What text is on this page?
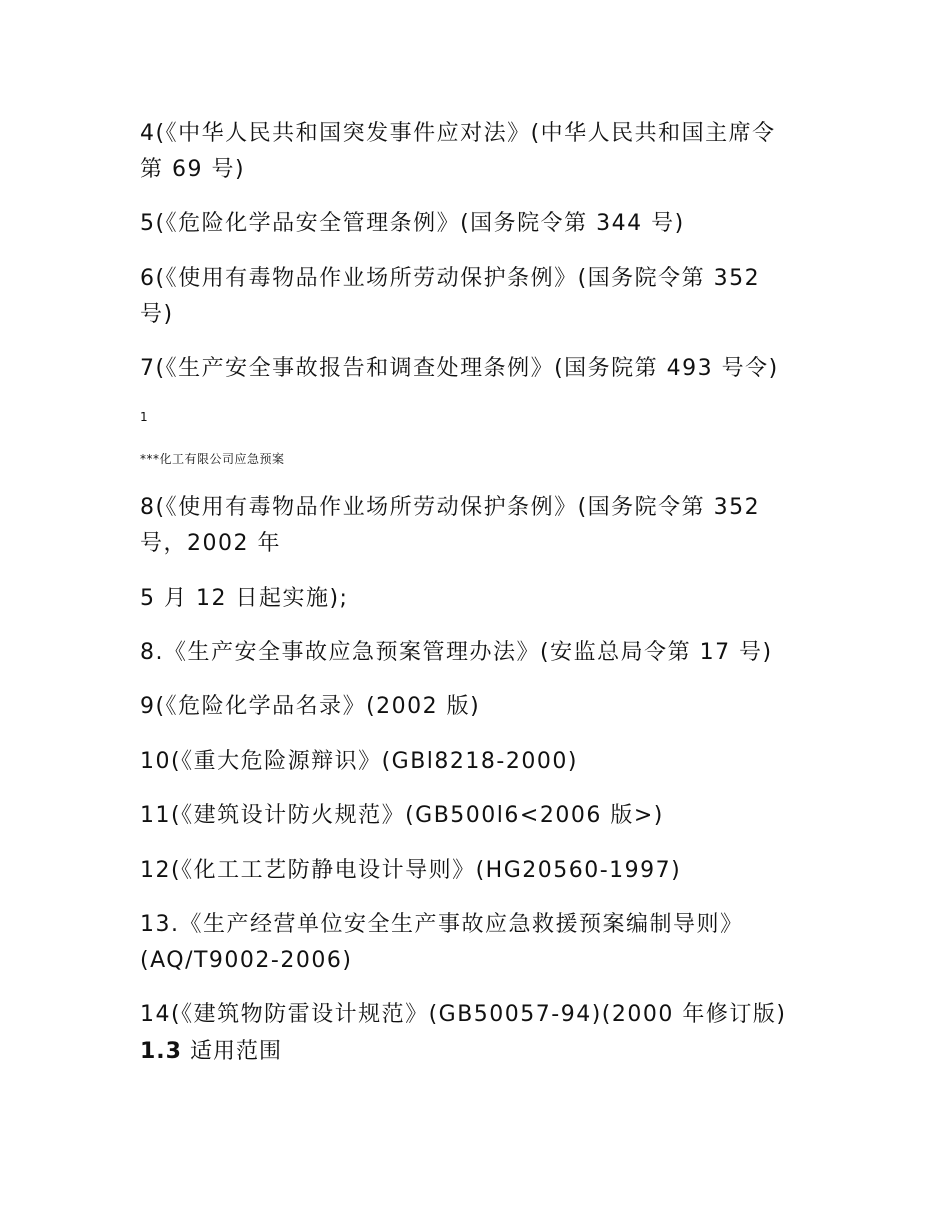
4(《中华人民共和国突发事件应对法》(中华人民共和国主席令
第 69 号)
5(《危险化学品安全管理条例》(国务院令第 344 号)
6(《使用有毒物品作业场所劳动保护条例》(国务院令第 352
号)
7(《生产安全事故报告和调查处理条例》(国务院第 493 号令)
1
***化工有限公司应急预案
8(《使用有毒物品作业场所劳动保护条例》(国务院令第 352
号，2002 年
5 月 12 日起实施);
8.《生产安全事故应急预案管理办法》(安监总局令第 17 号)
9(《危险化学品名录》(2002 版)
10(《重大危险源辩识》(GBl8218-2000)
11(《建筑设计防火规范》(GB500l6<2006 版>)
12(《化工工艺防静电设计导则》(HG20560-1997)
13.《生产经营单位安全生产事故应急救援预案编制导则》
(AQ/T9002-2006)
14(《建筑物防雷设计规范》(GB50057-94)(2000 年修订版)
1.3 适用范围
